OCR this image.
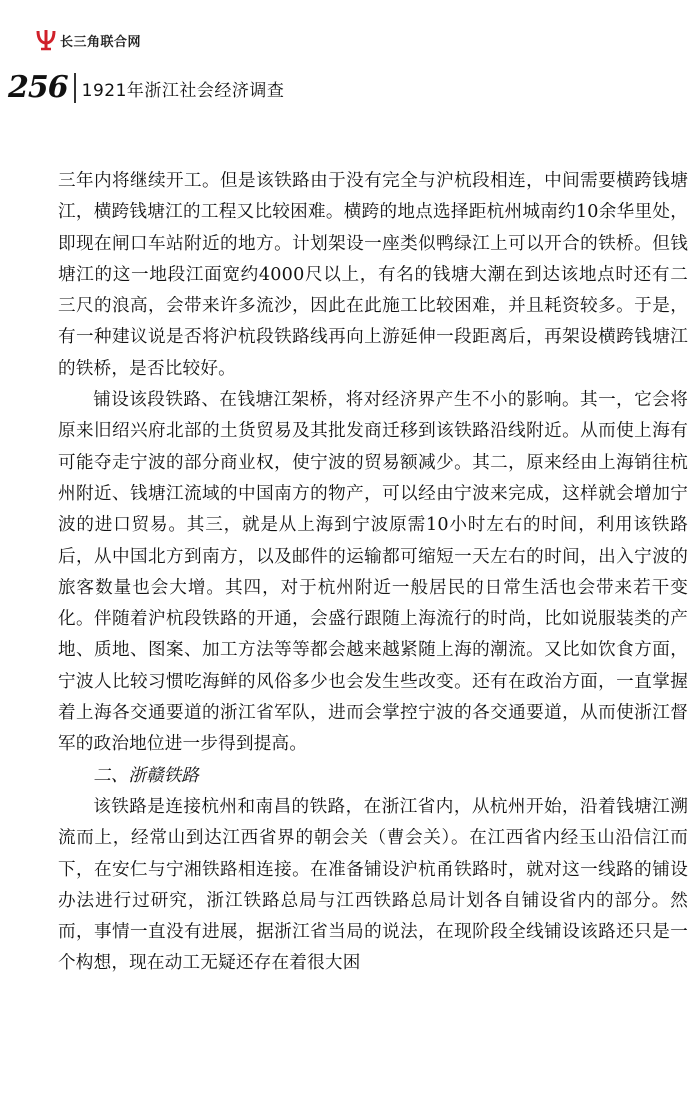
长三角联合网
256 1921年浙江社会经济调查

三年内将继续开工。但是该铁路由于没有完全与沪杭段相连，中间需要横跨钱塘江，横跨钱塘江的工程又比较困难。横跨的地点选择距杭州城南约10余华里处，即现在闸口车站附近的地方。计划架设一座类似鸭绿江上可以开合的铁桥。但钱塘江的这一地段江面宽约4000尺以上，有名的钱塘大潮在到达该地点时还有二三尺的浪高，会带来许多流沙，因此在此施工比较困难，并且耗资较多。于是，有一种建议说是否将沪杭段铁路线再向上游延伸一段距离后，再架设横跨钱塘江的铁桥，是否比较好。

铺设该段铁路、在钱塘江架桥，将对经济界产生不小的影响。其一，它会将原来旧绍兴府北部的土货贸易及其批发商迁移到该铁路沿线附近。从而使上海有可能夺走宁波的部分商业权，使宁波的贸易额减少。其二，原来经由上海销往杭州附近、钱塘江流域的中国南方的物产，可以经由宁波来完成，这样就会增加宁波的进口贸易。其三，就是从上海到宁波原需10小时左右的时间，利用该铁路后，从中国北方到南方，以及邮件的运输都可缩短一天左右的时间，出入宁波的旅客数量也会大增。其四，对于杭州附近一般居民的日常生活也会带来若干变化。伴随着沪杭段铁路的开通，会盛行跟随上海流行的时尚，比如说服装类的产地、质地、图案、加工方法等等都会越来越紧随上海的潮流。又比如饮食方面，宁波人比较习惯吃海鲜的风俗多少也会发生些改变。还有在政治方面，一直掌握着上海各交通要道的浙江省军队，进而会掌控宁波的各交通要道，从而使浙江督军的政治地位进一步得到提高。

二、浙赣铁路

该铁路是连接杭州和南昌的铁路，在浙江省内，从杭州开始，沿着钱塘江溯流而上，经常山到达江西省界的朝会关（曹会关）。在江西省内经玉山沿信江而下，在安仁与宁湘铁路相连接。在准备铺设沪杭甬铁路时，就对这一线路的铺设办法进行过研究，浙江铁路总局与江西铁路总局计划各自铺设省内的部分。然而，事情一直没有进展，据浙江省当局的说法，在现阶段全线铺设该路还只是一个构想，现在动工无疑还存在着很大困
